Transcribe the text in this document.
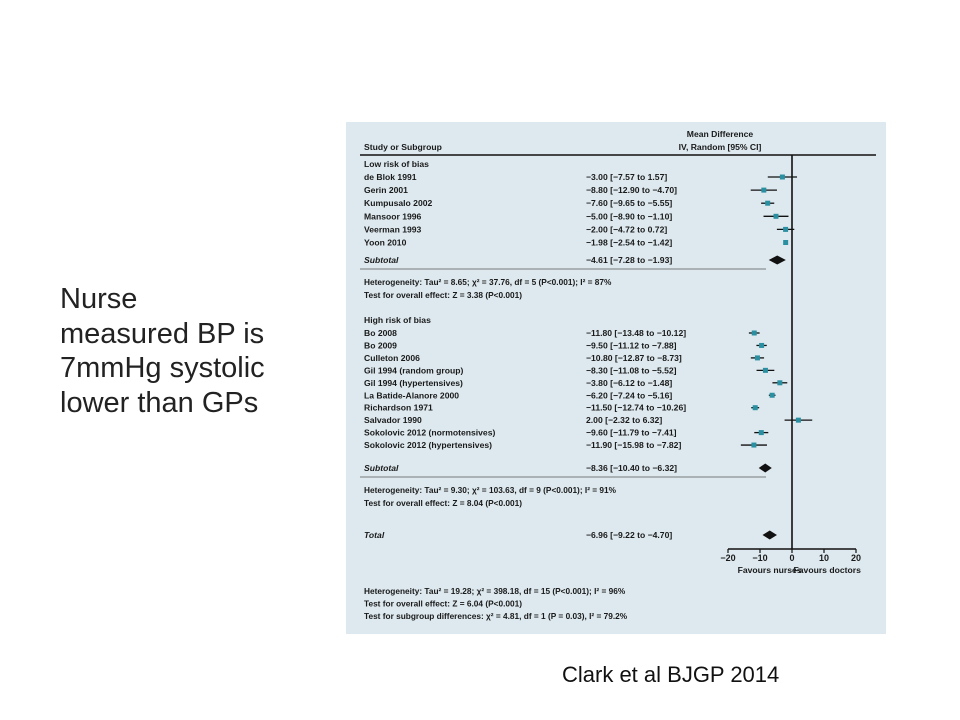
Nurse
measured BP is
7mmHg systolic
lower than GPs
Clark et al BJGP 2014
Mean Difference
IV, Random [95% CI]
Study or Subgroup
Low risk of bias
de Blok 1991	−3.00 [−7.57 to 1.57]
Gerin 2001	−8.80 [−12.90 to −4.70]
Kumpusalo 2002	−7.60 [−9.65 to −5.55]
Mansoor 1996	−5.00 [−8.90 to −1.10]
Veerman 1993	−2.00 [−4.72 to 0.72]
Yoon 2010	−1.98 [−2.54 to −1.42]
Subtotal	−4.61 [−7.28 to −1.93]
Heterogeneity: Tau² = 8.65; χ² = 37.76, df = 5 (P<0.001); I² = 87%
Test for overall effect: Z = 3.38 (P<0.001)
High risk of bias
Bo 2008	−11.80 [−13.48 to −10.12]
Bo 2009	−9.50 [−11.12 to −7.88]
Culleton 2006	−10.80 [−12.87 to −8.73]
Gil 1994 (random group)	−8.30 [−11.08 to −5.52]
Gil 1994 (hypertensives)	−3.80 [−6.12 to −1.48]
La Batide-Alanore 2000	−6.20 [−7.24 to −5.16]
Richardson 1971	−11.50 [−12.74 to −10.26]
Salvador 1990	2.00 [−2.32 to 6.32]
Sokolovic 2012 (normotensives)	−9.60 [−11.79 to −7.41]
Sokolovic 2012 (hypertensives)	−11.90 [−15.98 to −7.82]
Subtotal	−8.36 [−10.40 to −6.32]
Heterogeneity: Tau² = 9.30; χ² = 103.63, df = 9 (P<0.001); I² = 91%
Test for overall effect: Z = 8.04 (P<0.001)
Total	−6.96 [−9.22 to −4.70]
−20 −10 0	10 20
Favours nurses
Favours doctors
Heterogeneity: Tau² = 19.28; χ² = 398.18, df = 15 (P<0.001); I² = 96%
Test for overall effect: Z = 6.04 (P<0.001)
Test for subgroup differences: χ² = 4.81, df = 1 (P = 0.03), I² = 79.2%
